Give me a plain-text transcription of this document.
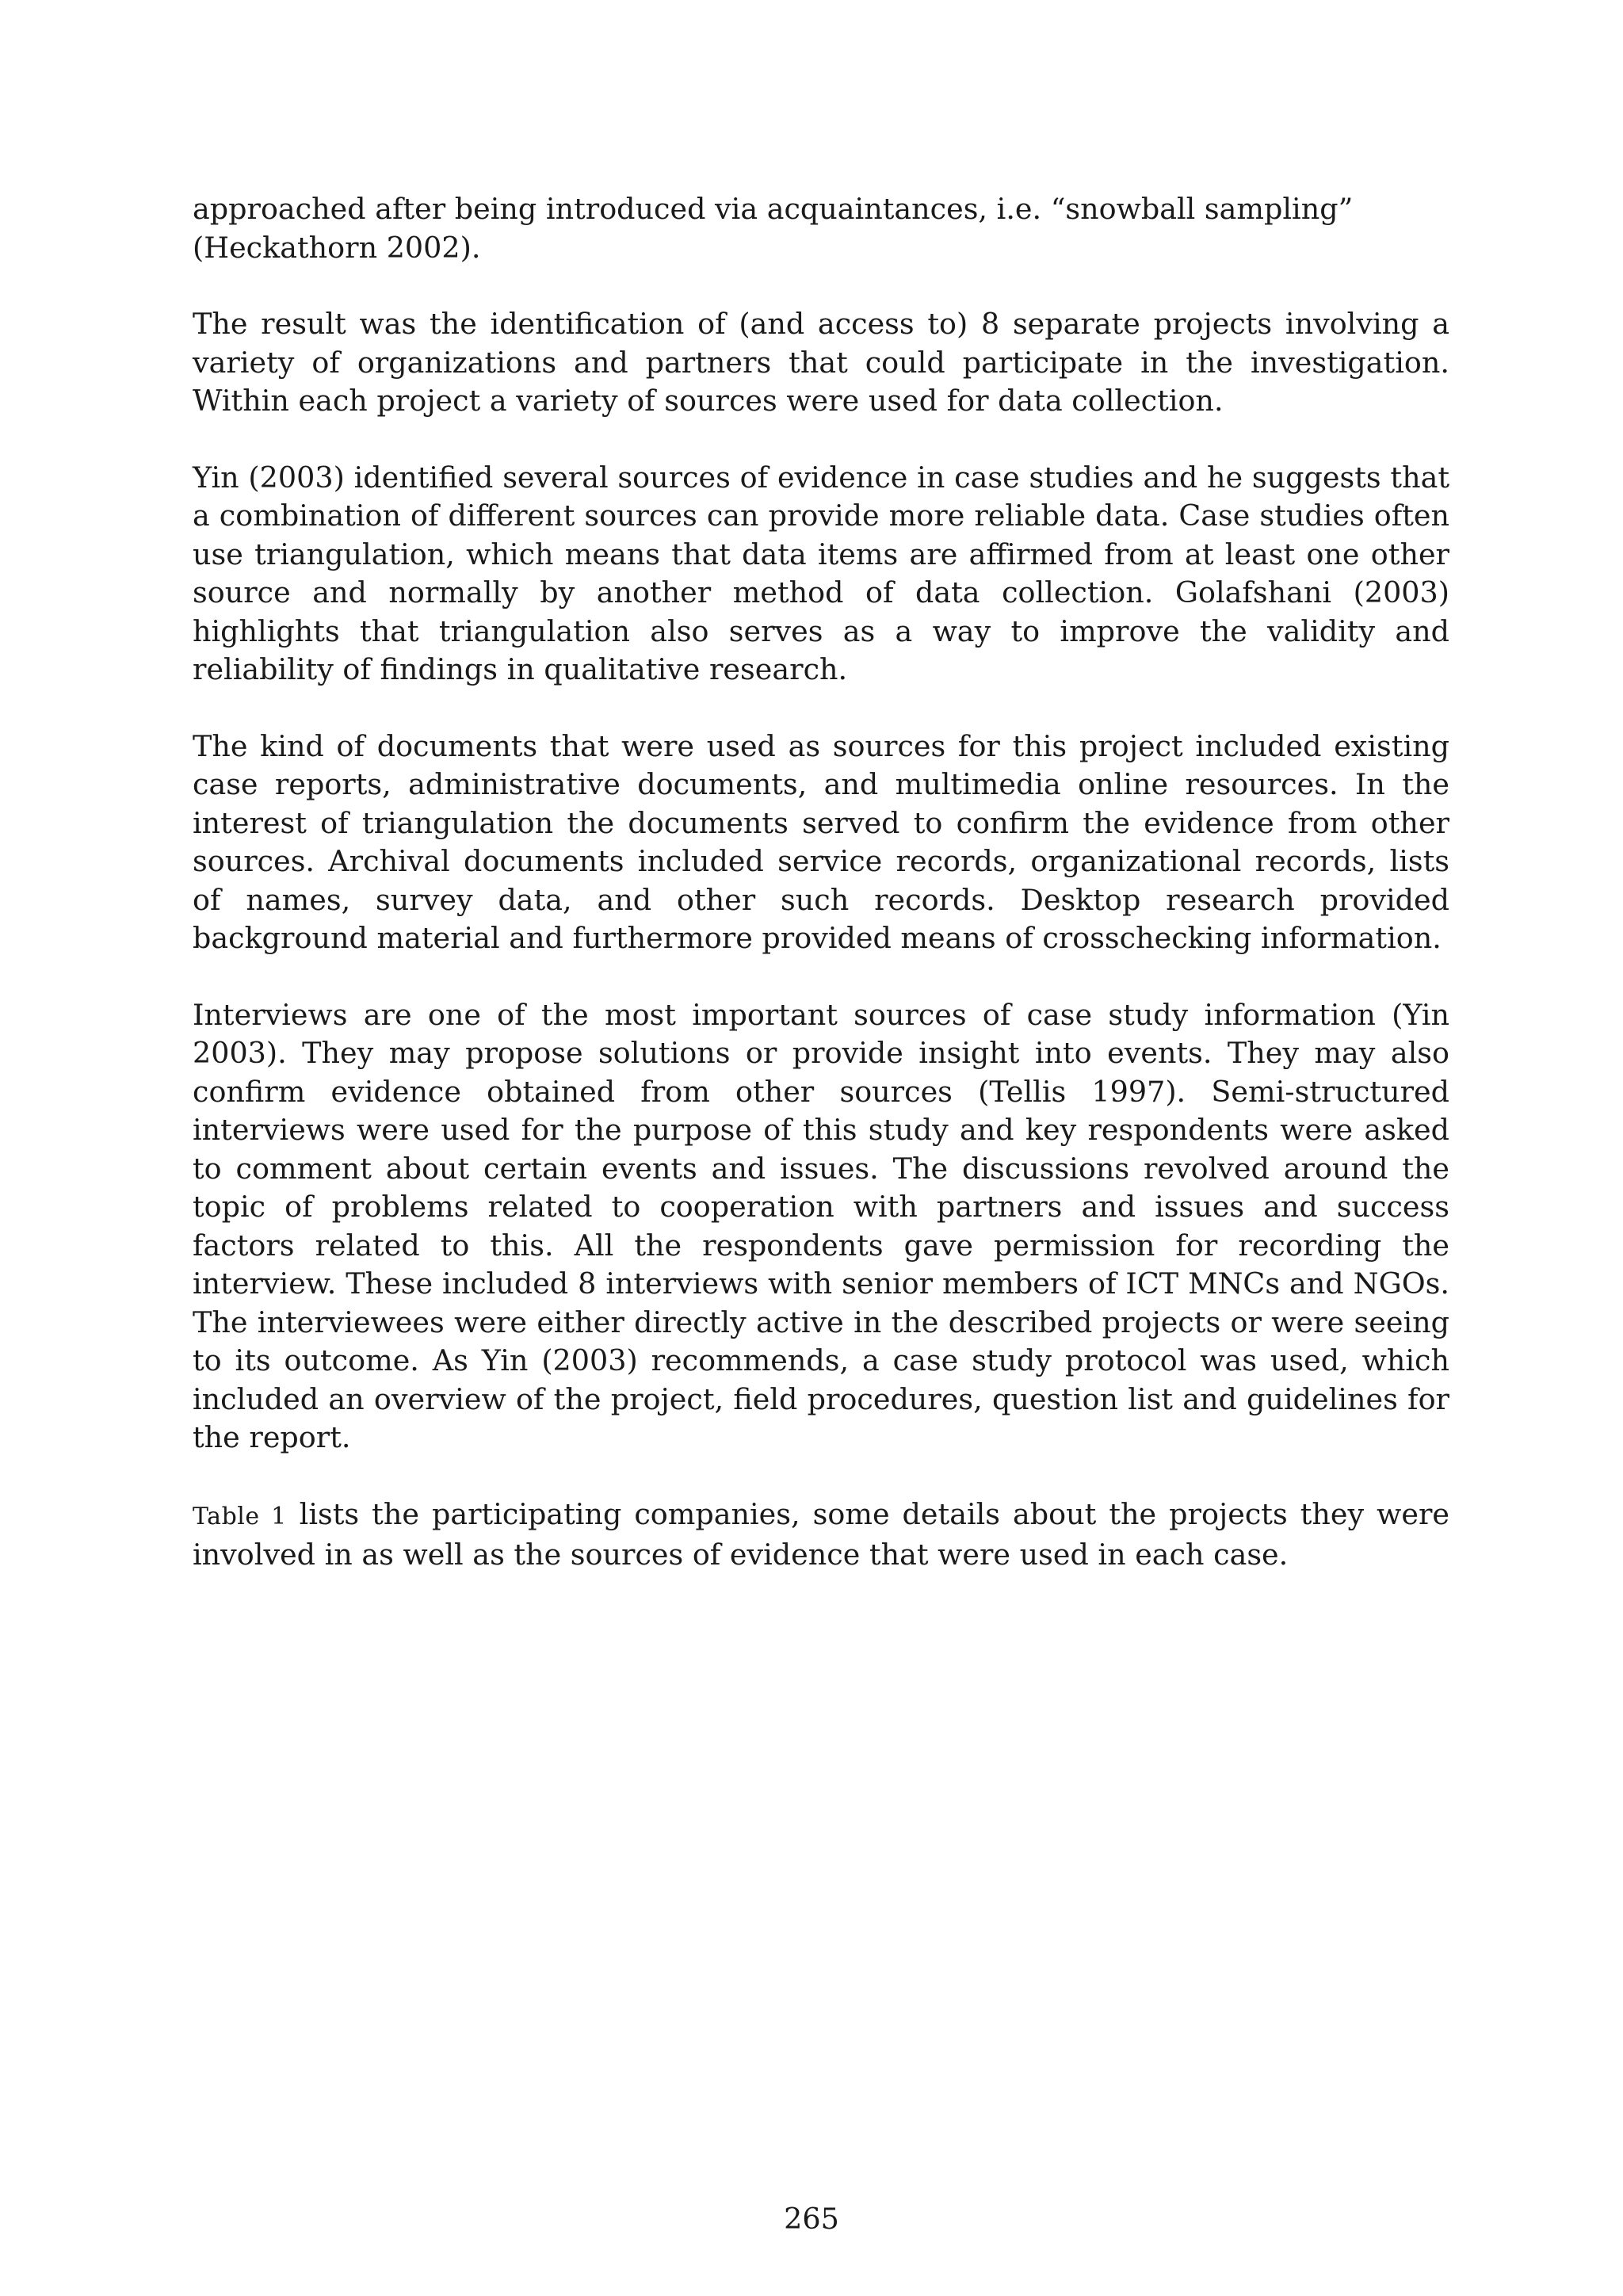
approached after being introduced via acquaintances, i.e. “snowball sampling” (Heckathorn 2002).

The result was the identification of (and access to) 8 separate projects involving a variety of organizations and partners that could participate in the investigation. Within each project a variety of sources were used for data collection.

Yin (2003) identified several sources of evidence in case studies and he suggests that a combination of different sources can provide more reliable data. Case studies often use triangulation, which means that data items are affirmed from at least one other source and normally by another method of data collection. Golafshani (2003) highlights that triangulation also serves as a way to improve the validity and reliability of findings in qualitative research.

The kind of documents that were used as sources for this project included existing case reports, administrative documents, and multimedia online resources. In the interest of triangulation the documents served to confirm the evidence from other sources. Archival documents included service records, organizational records, lists of names, survey data, and other such records. Desktop research provided background material and furthermore provided means of crosschecking information.

Interviews are one of the most important sources of case study information (Yin 2003). They may propose solutions or provide insight into events. They may also confirm evidence obtained from other sources (Tellis 1997). Semi-structured interviews were used for the purpose of this study and key respondents were asked to comment about certain events and issues. The discussions revolved around the topic of problems related to cooperation with partners and issues and success factors related to this. All the respondents gave permission for recording the interview. These included 8 interviews with senior members of ICT MNCs and NGOs. The interviewees were either directly active in the described projects or were seeing to its outcome. As Yin (2003) recommends, a case study protocol was used, which included an overview of the project, field procedures, question list and guidelines for the report.

Table 1 lists the participating companies, some details about the projects they were involved in as well as the sources of evidence that were used in each case.

265
